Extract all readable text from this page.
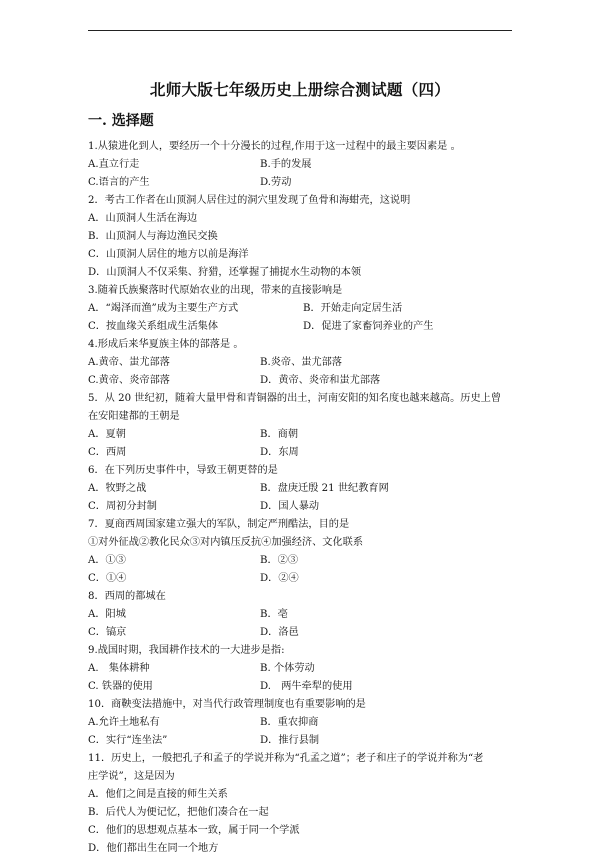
北师大版七年级历史上册综合测试题（四）
一. 选择题
1.从猿进化到人，要经历一个十分漫长的过程,作用于这一过程中的最主要因素是 。
A.直立行走	B.手的发展
C.语言的产生	D.劳动
2．考古工作者在山顶洞人居住过的洞穴里发现了鱼骨和海蚶壳，这说明
A．山顶洞人生活在海边
B．山顶洞人与海边渔民交换
C．山顶洞人居住的地方以前是海洋
D．山顶洞人不仅采集、狩猎，还掌握了捕捉水生动物的本领
3.随着氏族聚落时代原始农业的出现，带来的直接影响是
A．“竭泽而渔”成为主要生产方式	B．开始走向定居生活
C．按血缘关系组成生活集体	D．促进了家畜饲养业的产生
4.形成后来华夏族主体的部落是 。
A.黄帝、蚩尤部落	B.炎帝、蚩尤部落
C.黄帝、炎帝部落	D．黄帝、炎帝和蚩尤部落
5．从 20 世纪初，随着大量甲骨和青铜器的出土，河南安阳的知名度也越来越高。历史上曾
在安阳建都的王朝是
A．夏朝	B．商朝
C．西周	D．东周
6．在下列历史事件中，导致王朝更替的是
A．牧野之战	B．盘庚迁殷 21 世纪教育网
C．周初分封制	D．国人暴动
7．夏商西周国家建立强大的军队，制定严刑酷法，目的是
①对外征战②教化民众③对内镇压反抗④加强经济、文化联系
A．①③	B．②③
C．①④	D．②④
8．西周的都城在
A．阳城	B．亳
C．镐京	D．洛邑
9.战国时期，我国耕作技术的一大进步是指:
A.　集体耕种	B. 个体劳动
C. 铁器的使用	D.　两牛牵犁的使用
10．商鞅变法措施中，对当代行政管理制度也有重要影响的是
A.允许土地私有	B．重农抑商
C．实行“连坐法”	D．推行县制
11．历史上，一般把孔子和孟子的学说并称为“孔孟之道”；老子和庄子的学说并称为“老
庄学说”，这是因为
A．他们之间是直接的师生关系
B．后代人为便记忆，把他们凑合在一起
C．他们的思想观点基本一致，属于同一个学派
D．他们都出生在同一个地方
